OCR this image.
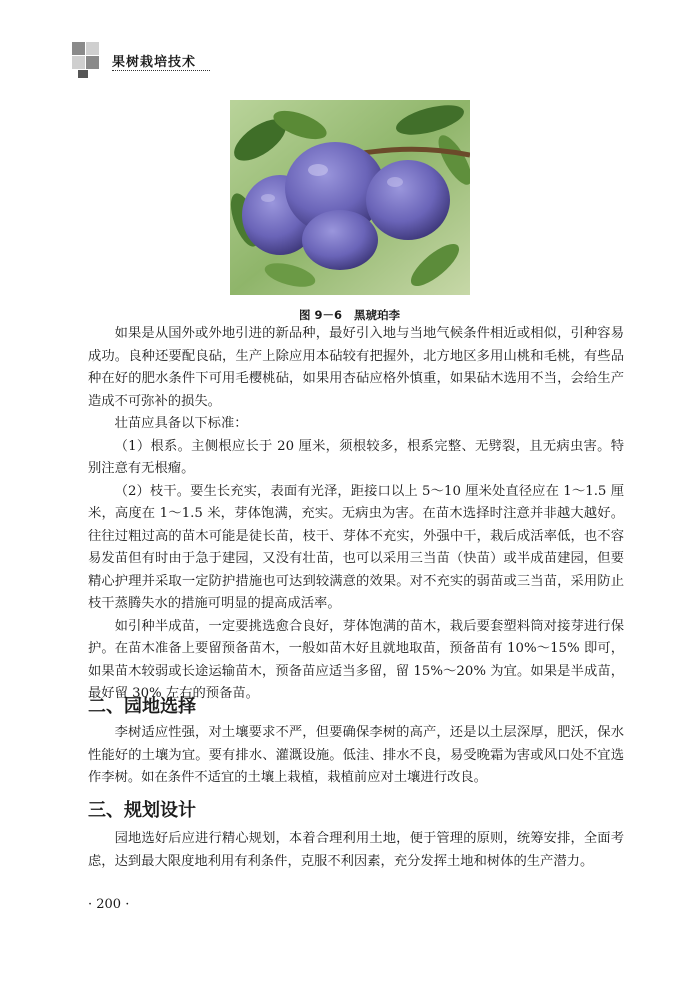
果树栽培技术
图 9－6 黑琥珀李

如果是从国外或外地引进的新品种，最好引入地与当地气候条件相近或相似，引种容易成功。良种还要配良砧，生产上除应用本砧较有把握外，北方地区多用山桃和毛桃，有些品种在好的肥水条件下可用毛樱桃砧，如果用杏砧应格外慎重，如果砧木选用不当，会给生产造成不可弥补的损失。

壮苗应具备以下标准：

（1）根系。主侧根应长于 20 厘米，须根较多，根系完整、无劈裂，且无病虫害。特别注意有无根瘤。

（2）枝干。要生长充实，表面有光泽，距接口以上 5～10 厘米处直径应在 1～1.5 厘米，高度在 1～1.5 米，芽体饱满，充实。无病虫为害。在苗木选择时注意并非越大越好。往往过粗过高的苗木可能是徒长苗，枝干、芽体不充实，外强中干，栽后成活率低，也不容易发苗但有时由于急于建园，又没有壮苗，也可以采用三当苗（快苗）或半成苗建园，但要精心护理并采取一定防护措施也可达到较满意的效果。对不充实的弱苗或三当苗，采用防止枝干蒸腾失水的措施可明显的提高成活率。

如引种半成苗，一定要挑选愈合良好，芽体饱满的苗木，栽后要套塑料筒对接芽进行保护。在苗木准备上要留预备苗木，一般如苗木好且就地取苗，预备苗有 10%～15% 即可，如果苗木较弱或长途运输苗木，预备苗应适当多留，留 15%～20% 为宜。如果是半成苗，最好留 30% 左右的预备苗。

二、园地选择

李树适应性强，对土壤要求不严，但要确保李树的高产，还是以土层深厚，肥沃，保水性能好的土壤为宜。要有排水、灌溉设施。低洼、排水不良，易受晚霜为害或风口处不宜选作李树。如在条件不适宜的土壤上栽植，栽植前应对土壤进行改良。

三、规划设计

园地选好后应进行精心规划，本着合理利用土地，便于管理的原则，统筹安排，全面考虑，达到最大限度地利用有利条件，克服不利因素，充分发挥土地和树体的生产潜力。

· 200 ·
